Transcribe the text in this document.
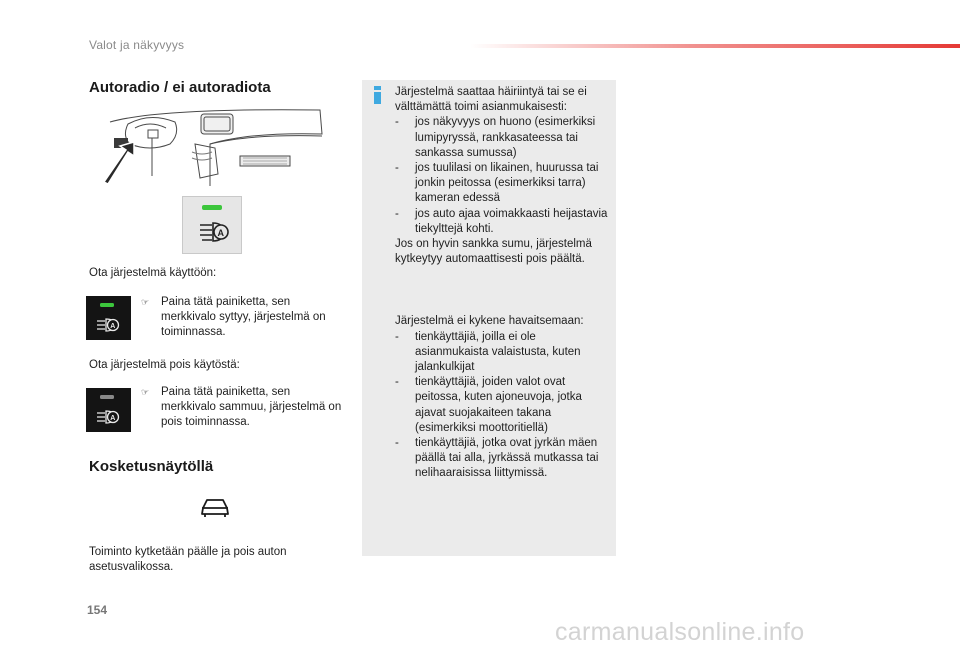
Valot ja näkyvyys
Autoradio / ei autoradiota
A
Ota järjestelmä käyttöön:
A
☞	Paina tätä painiketta, sen merkkivalo syttyy, järjestelmä on toiminnassa.
Ota järjestelmä pois käytöstä:
A
☞	Paina tätä painiketta, sen merkkivalo sammuu, järjestelmä on pois toiminnassa.
Kosketusnäytöllä
Toiminto kytketään päälle ja pois auton asetusvalikossa.

Järjestelmä saattaa häiriintyä tai se ei välttämättä toimi asianmukaisesti:

-	jos näkyvyys on huono (esimerkiksi lumipyryssä, rankkasateessa tai sankassa sumussa)
-	jos tuulilasi on likainen, huurussa tai jonkin peitossa (esimerkiksi tarra) kameran edessä
-	jos auto ajaa voimakkaasti heijastavia tiekylttejä kohti.

Jos on hyvin sankka sumu, järjestelmä kytkeytyy automaattisesti pois päältä.

Järjestelmä ei kykene havaitsemaan:

-	tienkäyttäjiä, joilla ei ole asianmukaista valaistusta, kuten jalankulkijat
-	tienkäyttäjiä, joiden valot ovat peitossa, kuten ajoneuvoja, jotka ajavat suojakaiteen takana (esimerkiksi moottoritiellä)
-	tienkäyttäjiä, jotka ovat jyrkän mäen päällä tai alla, jyrkässä mutkassa tai nelihaaraisissa liittymissä.
154
carmanualsonline.info
